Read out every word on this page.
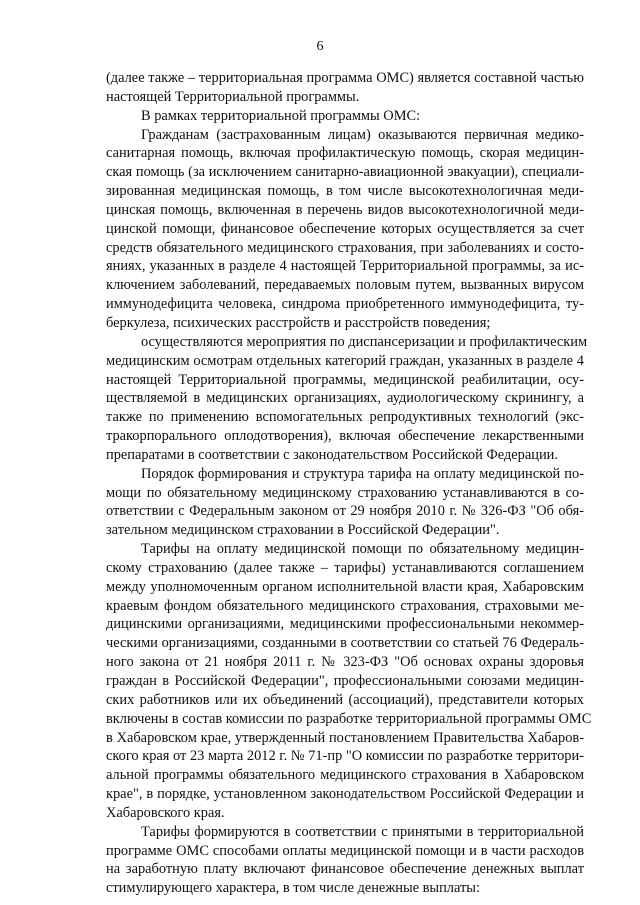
6
(далее также – территориальная программа ОМС) является составной частью
настоящей Территориальной программы.
В рамках территориальной программы ОМС:
Гражданам (застрахованным лицам) оказываются первичная медико-
санитарная помощь, включая профилактическую помощь, скорая медицин-
ская помощь (за исключением санитарно-авиационной эвакуации), специали-
зированная медицинская помощь, в том числе высокотехнологичная меди-
цинская помощь, включенная в перечень видов высокотехнологичной меди-
цинской помощи, финансовое обеспечение которых осуществляется за счет
средств обязательного медицинского страхования, при заболеваниях и состо-
яниях, указанных в разделе 4 настоящей Территориальной программы, за ис-
ключением заболеваний, передаваемых половым путем, вызванных вирусом
иммунодефицита человека, синдрома приобретенного иммунодефицита, ту-
беркулеза, психических расстройств и расстройств поведения;
осуществляются мероприятия по диспансеризации и профилактическим
медицинским осмотрам отдельных категорий граждан, указанных в разделе 4
настоящей Территориальной программы, медицинской реабилитации, осу-
ществляемой в медицинских организациях, аудиологическому скринингу, а
также по применению вспомогательных репродуктивных технологий (экс-
тракорпорального оплодотворения), включая обеспечение лекарственными
препаратами в соответствии с законодательством Российской Федерации.
Порядок формирования и структура тарифа на оплату медицинской по-
мощи по обязательному медицинскому страхованию устанавливаются в со-
ответствии с Федеральным законом от 29 ноября 2010 г. № 326-ФЗ "Об обя-
зательном медицинском страховании в Российской Федерации".
Тарифы на оплату медицинской помощи по обязательному медицин-
скому страхованию (далее также – тарифы) устанавливаются соглашением
между уполномоченным органом исполнительной власти края, Хабаровским
краевым фондом обязательного медицинского страхования, страховыми ме-
дицинскими организациями, медицинскими профессиональными некоммер-
ческими организациями, созданными в соответствии со статьей 76 Федераль-
ного закона от 21 ноября 2011 г. № 323-ФЗ "Об основах охраны здоровья
граждан в Российской Федерации", профессиональными союзами медицин-
ских работников или их объединений (ассоциаций), представители которых
включены в состав комиссии по разработке территориальной программы ОМС
в Хабаровском крае, утвержденный постановлением Правительства Хабаров-
ского края от 23 марта 2012 г. № 71-пр "О комиссии по разработке территори-
альной программы обязательного медицинского страхования в Хабаровском
крае", в порядке, установленном законодательством Российской Федерации и
Хабаровского края.
Тарифы формируются в соответствии с принятыми в территориальной
программе ОМС способами оплаты медицинской помощи и в части расходов
на заработную плату включают финансовое обеспечение денежных выплат
стимулирующего характера, в том числе денежные выплаты:
